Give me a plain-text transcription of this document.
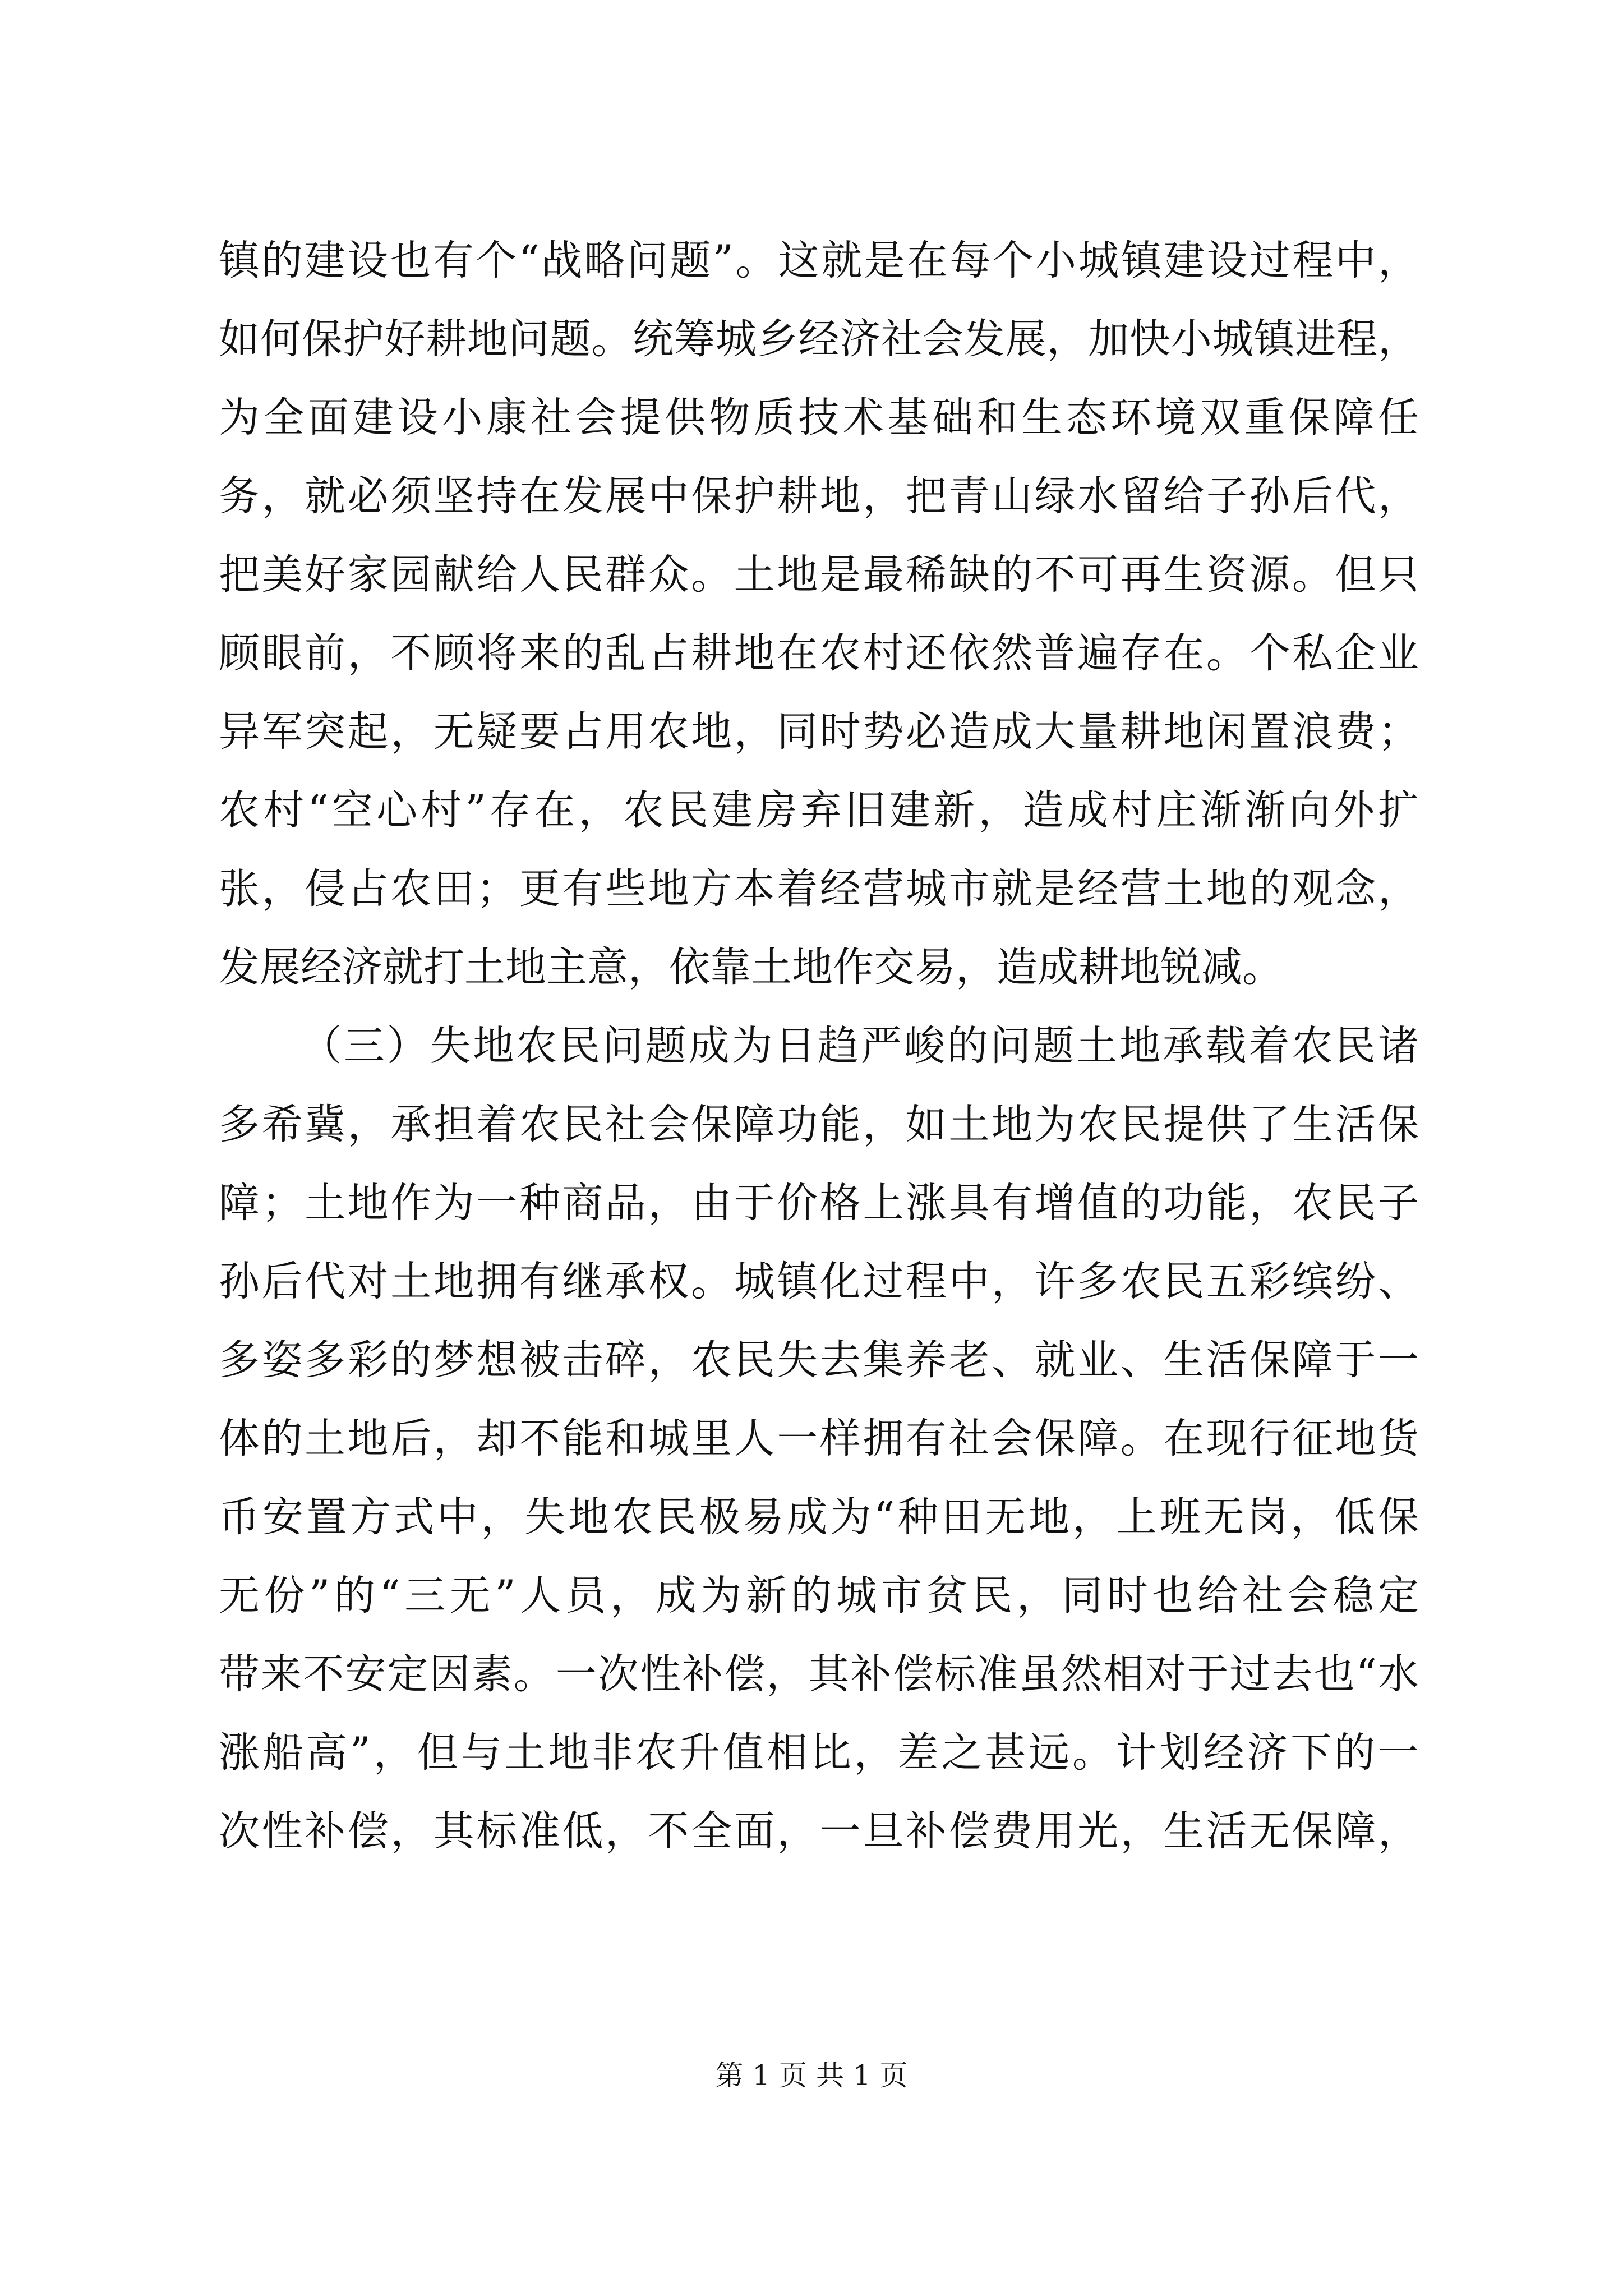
镇的建设也有个“战略问题”。这就是在每个小城镇建设过程中，
如何保护好耕地问题。统筹城乡经济社会发展，加快小城镇进程，
为全面建设小康社会提供物质技术基础和生态环境双重保障任
务，就必须坚持在发展中保护耕地，把青山绿水留给子孙后代，
把美好家园献给人民群众。土地是最稀缺的不可再生资源。但只
顾眼前，不顾将来的乱占耕地在农村还依然普遍存在。个私企业
异军突起，无疑要占用农地，同时势必造成大量耕地闲置浪费；
农村“空心村”存在，农民建房弃旧建新，造成村庄渐渐向外扩
张，侵占农田；更有些地方本着经营城市就是经营土地的观念，
发展经济就打土地主意，依靠土地作交易，造成耕地锐减。
（三）失地农民问题成为日趋严峻的问题土地承载着农民诸
多希冀，承担着农民社会保障功能，如土地为农民提供了生活保
障；土地作为一种商品，由于价格上涨具有增值的功能，农民子
孙后代对土地拥有继承权。城镇化过程中，许多农民五彩缤纷、
多姿多彩的梦想被击碎，农民失去集养老、就业、生活保障于一
体的土地后，却不能和城里人一样拥有社会保障。在现行征地货
币安置方式中，失地农民极易成为“种田无地，上班无岗，低保
无份”的“三无”人员，成为新的城市贫民，同时也给社会稳定
带来不安定因素。一次性补偿，其补偿标准虽然相对于过去也“水
涨船高”，但与土地非农升值相比，差之甚远。计划经济下的一
次性补偿，其标准低，不全面，一旦补偿费用光，生活无保障，
第 1 页 共 1 页
